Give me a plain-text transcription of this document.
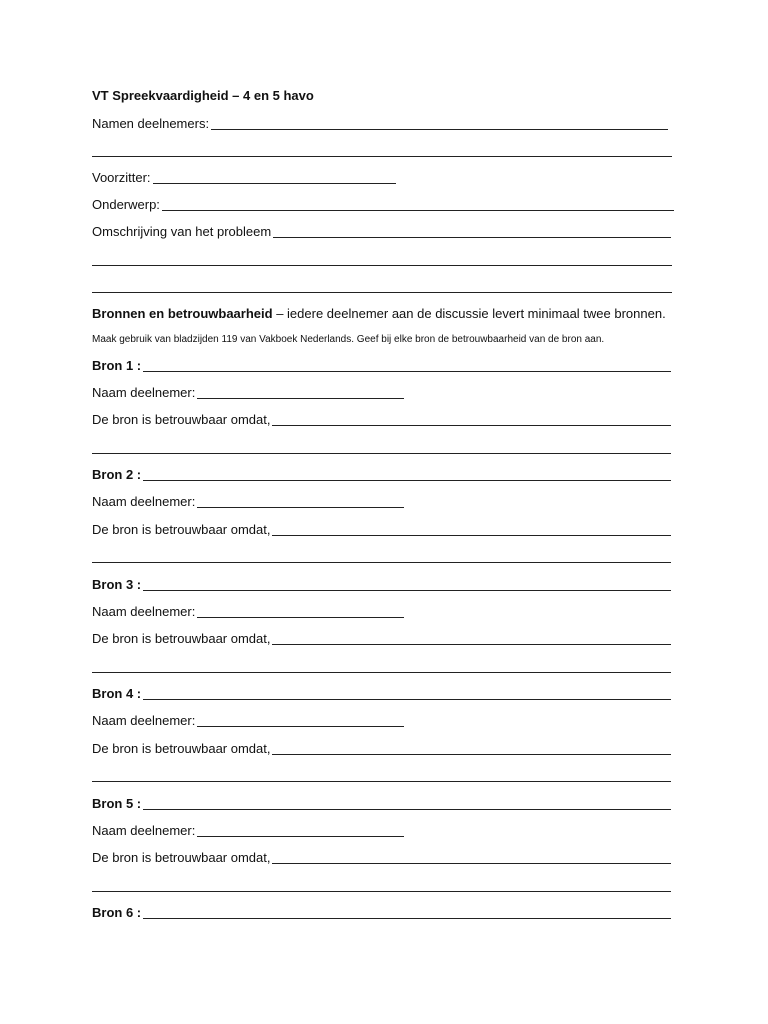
VT Spreekvaardigheid – 4 en 5 havo
Namen deelnemers:
Voorzitter:
Onderwerp:
Omschrijving van het probleem
Bronnen en betrouwbaarheid – iedere deelnemer aan de discussie levert minimaal twee bronnen.
Maak gebruik van bladzijden 119 van Vakboek Nederlands. Geef bij elke bron de betrouwbaarheid van de bron aan.
Bron 1 :
Naam deelnemer:
De bron is betrouwbaar omdat,
Bron 2 :
Naam deelnemer:
De bron is betrouwbaar omdat,
Bron 3 :
Naam deelnemer:
De bron is betrouwbaar omdat,
Bron 4 :
Naam deelnemer:
De bron is betrouwbaar omdat,
Bron 5 :
Naam deelnemer:
De bron is betrouwbaar omdat,
Bron 6 :
